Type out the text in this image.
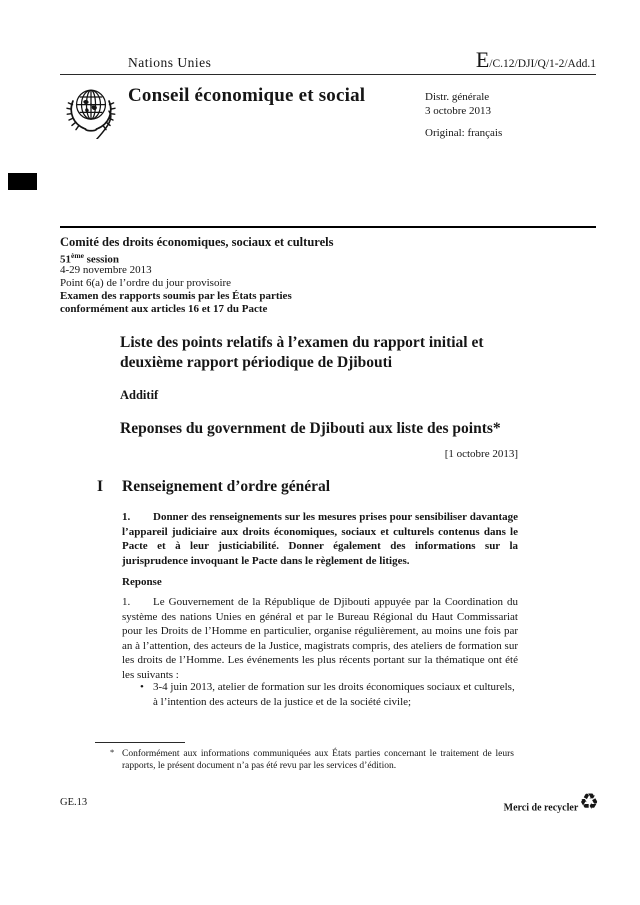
Nations Unies	E/C.12/DJI/Q/1-2/Add.1
Conseil économique et social	Distr. générale
3 octobre 2013
Original: français
Comité des droits économiques, sociaux et culturels
51ème session
4-29 novembre 2013
Point 6(a) de l’ordre du jour provisoire
Examen des rapports soumis par les États parties
conformément aux articles 16 et 17 du Pacte
Liste des points relatifs à l’examen du rapport initial et deuxième rapport périodique de Djibouti
Additif
Reponses du government de Djibouti aux liste des points*
[1 octobre 2013]
I Renseignement d’ordre général
1. Donner des renseignements sur les mesures prises pour sensibiliser davantage l’appareil judiciaire aux droits économiques, sociaux et culturels contenus dans le Pacte et à leur justiciabilité. Donner également des informations sur la jurisprudence invoquant le Pacte dans le règlement de litiges.
Reponse
1. Le Gouvernement de la République de Djibouti appuyée par la Coordination du système des nations Unies en général et par le Bureau Régional du Haut Commissariat pour les Droits de l’Homme en particulier, organise régulièrement, au moins une fois par an à l’attention, des acteurs de la Justice, magistrats compris, des ateliers de formation sur les droits de l’Homme. Les événements les plus récents portant sur la thématique ont été les suivants :
• 3-4 juin 2013, atelier de formation sur les droits économiques sociaux et culturels, à l’intention des acteurs de la justice et de la société civile;
* Conformément aux informations communiquées aux États parties concernant le traitement de leurs rapports, le présent document n’a pas été revu par les services d’édition.
GE.13	Merci de recycler♻
